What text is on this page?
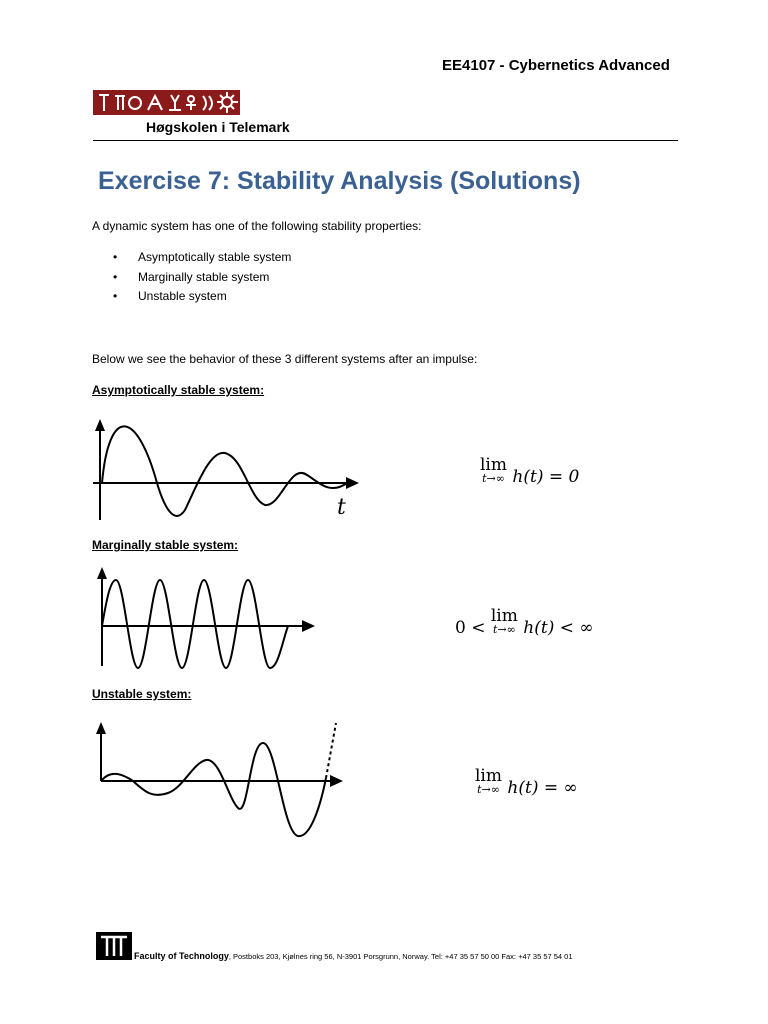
EE4107 - Cybernetics Advanced
Høgskolen i Telemark
Exercise 7: Stability Analysis (Solutions)
A dynamic system has one of the following stability properties:
• Asymptotically stable system
• Marginally stable system
• Unstable system
Below we see the behavior of these 3 different systems after an impulse:
Asymptotically stable system:
t
lim
t→∞ h(t) = 0
Marginally stable system:
0 < lim
t→∞ h(t) < ∞
Unstable system:
lim
t→∞ h(t) = ∞
Faculty of Technology, Postboks 203, Kjølnes ring 56, N-3901 Porsgrunn, Norway. Tel: +47 35 57 50 00 Fax: +47 35 57 54 01
